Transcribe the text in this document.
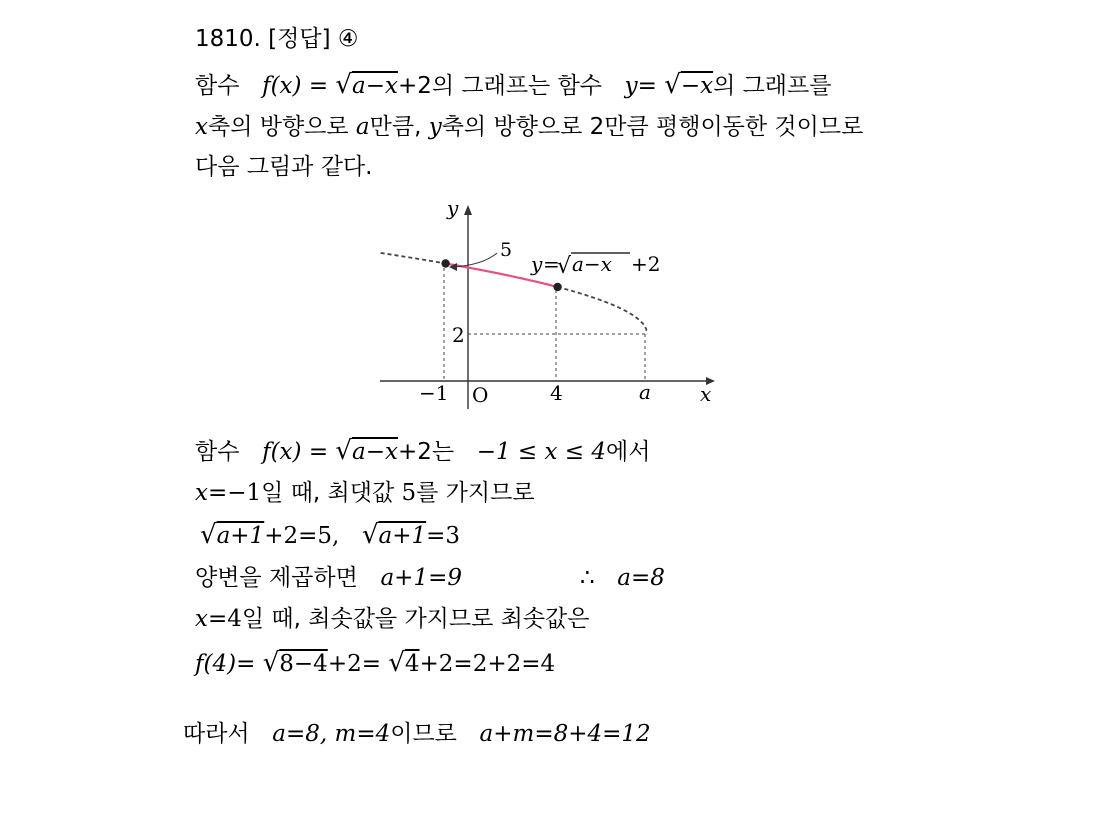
1810. [정답] ④
함수 f(x) = √a−x+2의 그래프는 함수 y= √−x의 그래프를
x축의 방향으로 a만큼, y축의 방향으로 2만큼 평행이동한 것이므로
다음 그림과 같다.
5
y =
√ a−x +2
−1 O	4	a x
y
2
함수 f(x) = √a−x+2는 −1 ≤ x ≤ 4에서
x=−1일 때, 최댓값 5를 가지므로
√a+1+2=5, √a+1=3
양변을 제곱하면 a+1=9	∴ a=8
x=4일 때, 최솟값을 가지므로 최솟값은
f(4)= √8−4+2= √4+2=2+2=4
따라서 a=8, m=4이므로 a+m=8+4=12
